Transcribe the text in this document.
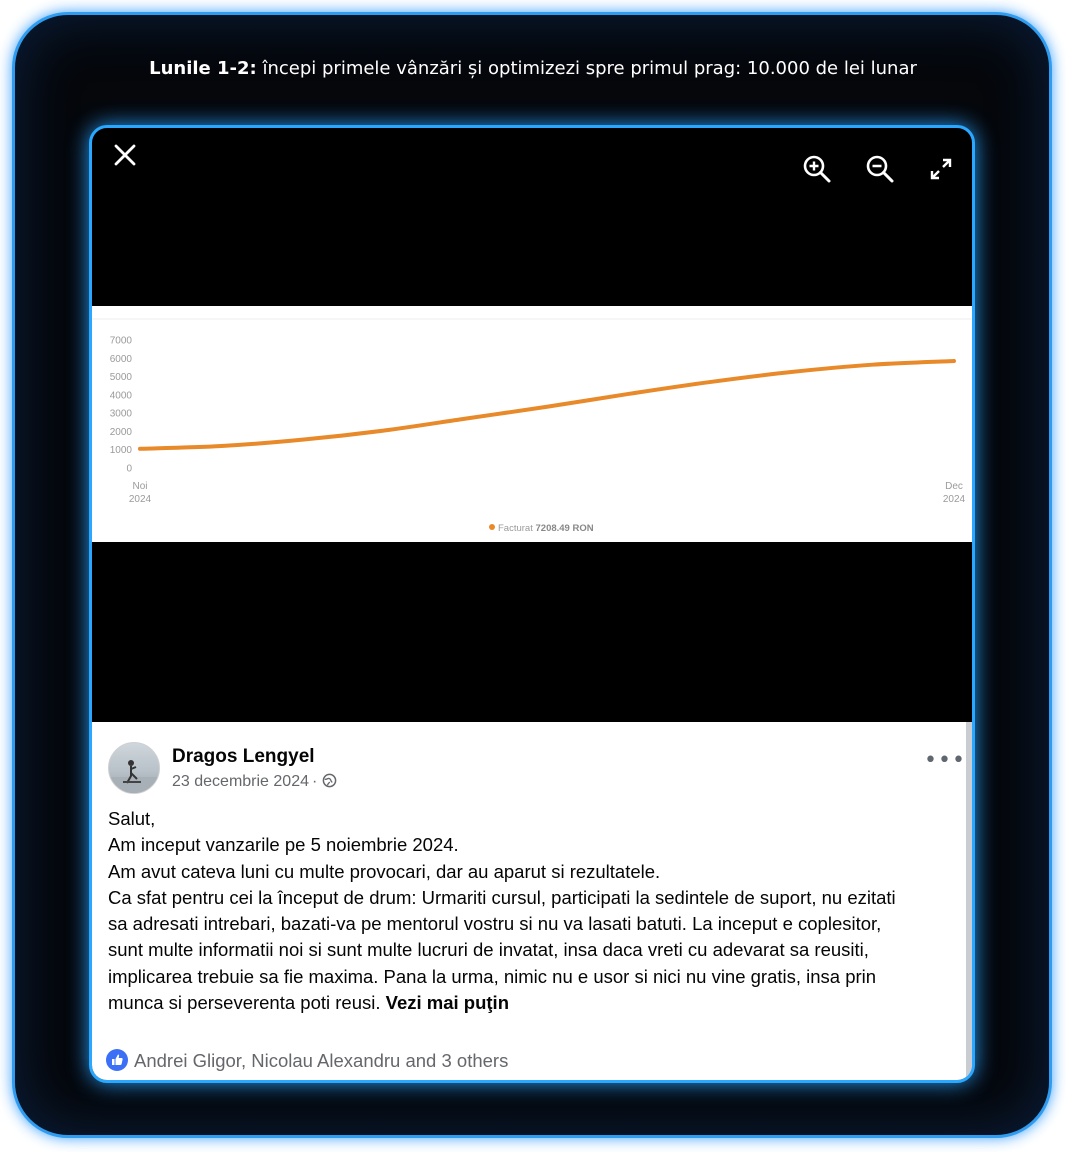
Lunile 1-2: începi primele vânzări și optimizezi spre primul prag: 10.000 de lei lunar
7000
6000
5000
4000
3000
2000
1000
0
Noi
2024
Dec
2024
Facturat 7208.49 RON
Dragos Lengyel
23 decembrie 2024 ·
•••

Salut,

Am inceput vanzarile pe 5 noiembrie 2024.

Am avut cateva luni cu multe provocari, dar au aparut si rezultatele.

Ca sfat pentru cei la început de drum: Urmariti cursul, participati la sedintele de suport, nu ezitati

sa adresati intrebari, bazati-va pe mentorul vostru si nu va lasati batuti. La inceput e coplesitor,

sunt multe informatii noi si sunt multe lucruri de invatat, insa daca vreti cu adevarat sa reusiti,

implicarea trebuie sa fie maxima. Pana la urma, nimic nu e usor si nici nu vine gratis, insa prin

munca si perseverenta poti reusi. Vezi mai puţin

Andrei Gligor, Nicolau Alexandru and 3 others
